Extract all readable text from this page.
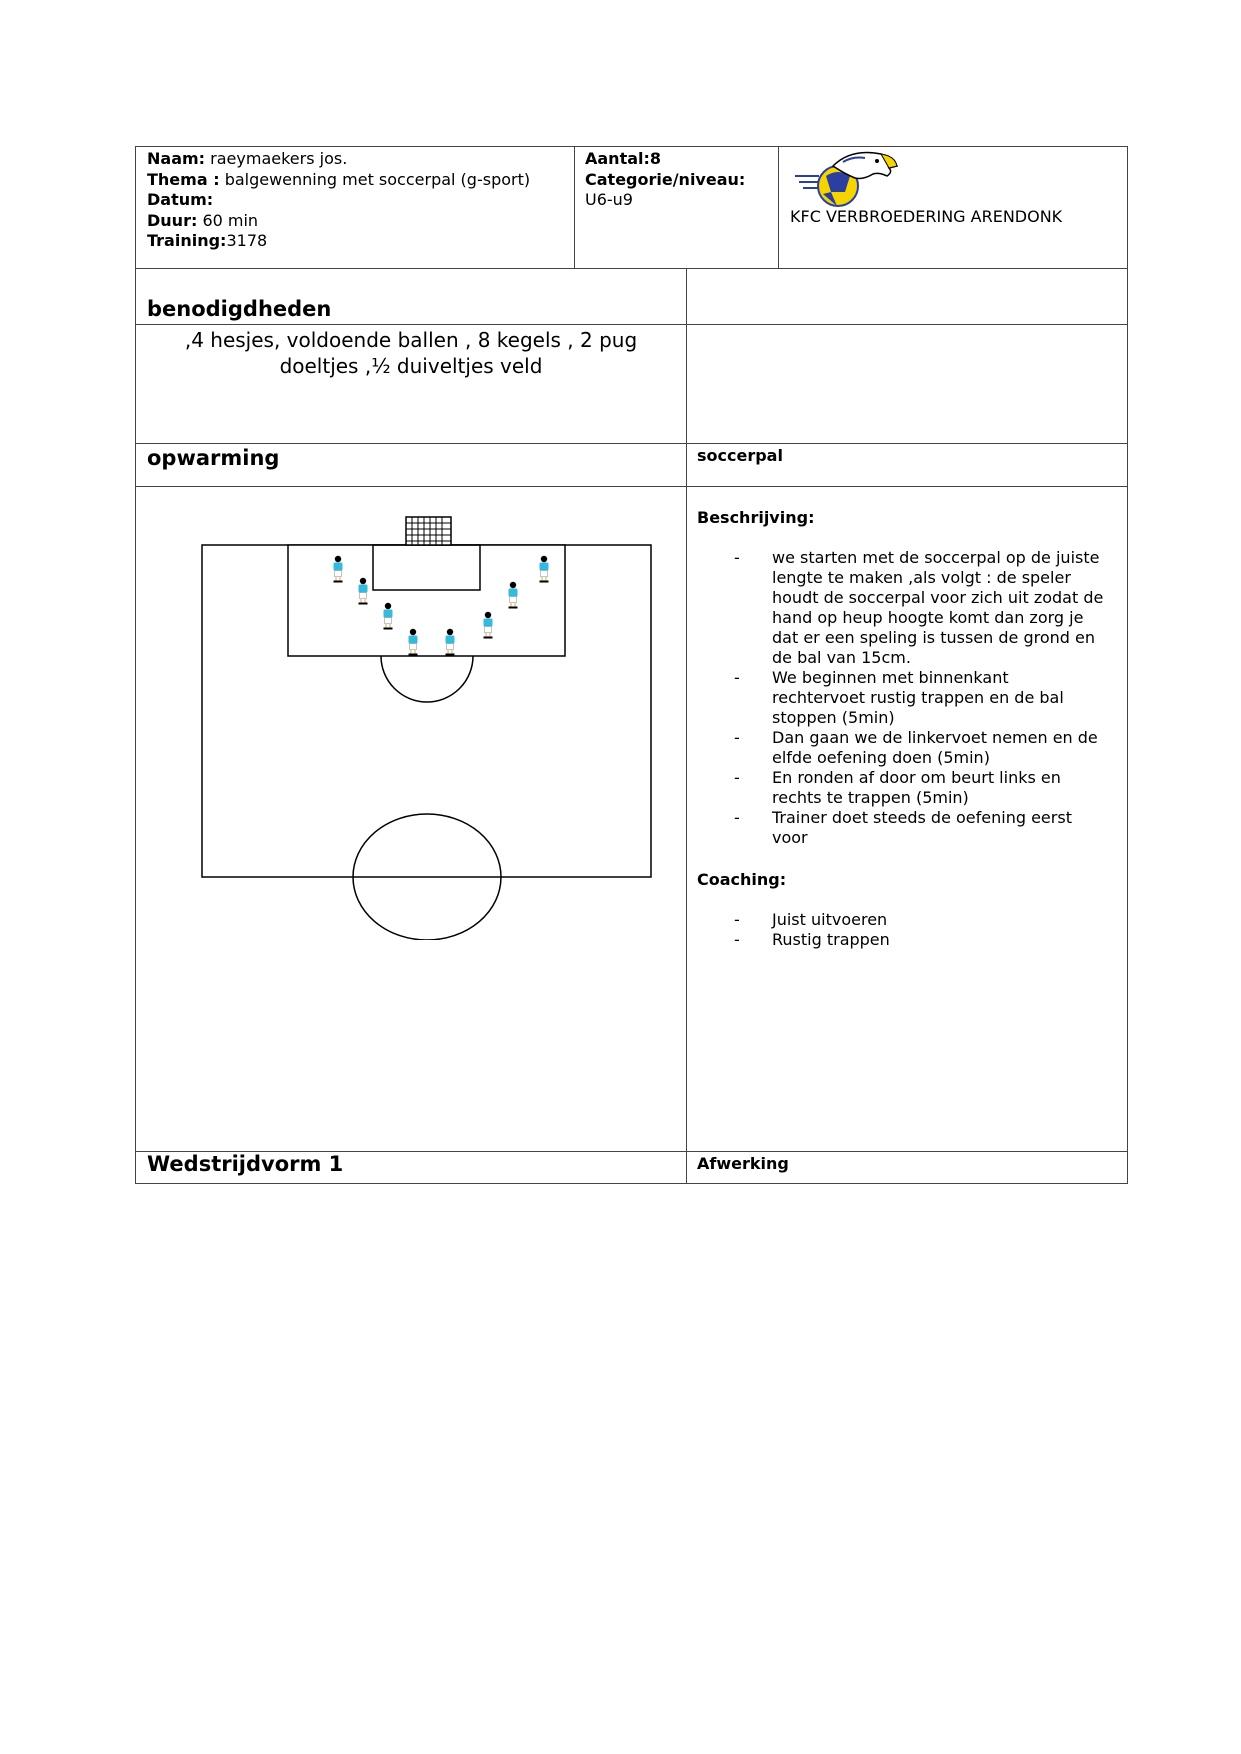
Naam: raeymaekers jos.
Thema : balgewenning met soccerpal (g-sport)
Datum:
Duur: 60 min
Training:3178
Aantal:8
Categorie/niveau:
U6-u9
KFC VERBROEDERING ARENDONK
benodigdheden
,4 hesjes, voldoende ballen , 8 kegels , 2 pug
doeltjes ,½ duiveltjes veld
opwarming	soccerpal
Beschrijving:
- we starten met de soccerpal op de juiste
lengte te maken ,als volgt : de speler
houdt de soccerpal voor zich uit zodat de
hand op heup hoogte komt dan zorg je
dat er een speling is tussen de grond en
de bal van 15cm.
- We beginnen met binnenkant
rechtervoet rustig trappen en de bal
stoppen (5min)
- Dan gaan we de linkervoet nemen en de
elfde oefening doen (5min)
- En ronden af door om beurt links en
rechts te trappen (5min)
- Trainer doet steeds de oefening eerst
voor
Coaching:
- Juist uitvoeren
- Rustig trappen
Wedstrijdvorm 1	Afwerking
